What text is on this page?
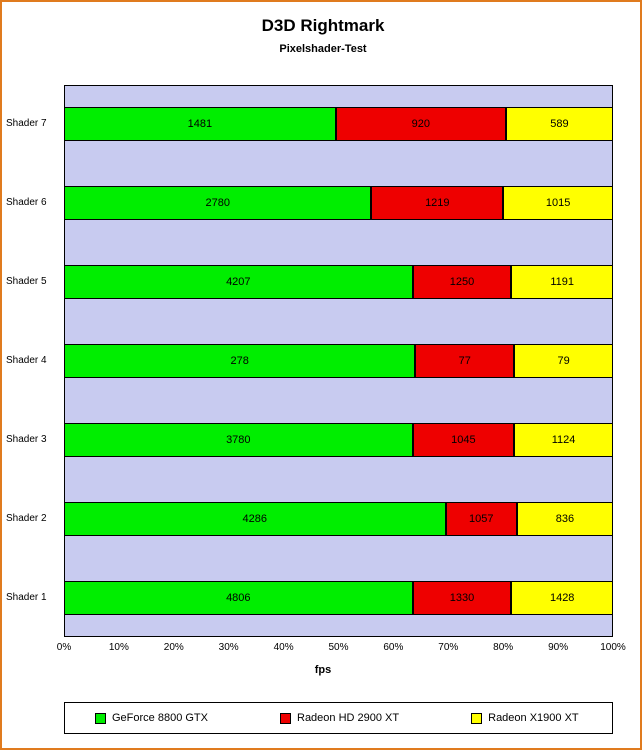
D3D Rightmark
Pixelshader-Test
1481	920	589
2780	1219	1015
4207	1250	1191
278	77	79
3780	1045	1124
4286	1057	836
4806	1330	1428
Shader 7
Shader 6
Shader 5
Shader 4
Shader 3
Shader 2
Shader 1
0%	10%	20%	30%	40%	50%	60%	70%	80%	90%	100%
fps
GeForce 8800 GTX	Radeon HD 2900 XT	Radeon X1900 XT
